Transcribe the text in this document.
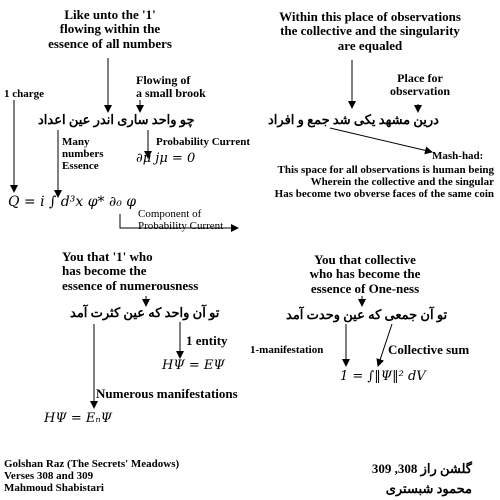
Like unto the '1'
flowing within the
essence of all numbers
1 charge
Flowing of
a small brook
چو واحد ساری اندر عین اعداد
Probability Current
∂μ jμ = 0
Many
numbers
Essence
Q = i ∫ d³x φ* ∂₀ φ
Component of
Probability Current
Within this place of observations
the collective and the singularity
are equaled
Place for
observation
درین مشهد یکی شد جمع و افراد
Mash-had:
This space for all observations is human being
Wherein the collective and the singular
Has become two obverse faces of the same coin
You that '1' who
has become the
essence of numerousness
تو آن واحد که عین کثرت آمد
1 entity
HΨ = EΨ
Numerous manifestations
HΨ = EₙΨ
You that collective
who has become the
essence of One-ness
تو آن جمعی که عین وحدت آمد
1-manifestation	Collective sum
1 = ∫‖Ψ‖² dV
Golshan Raz (The Secrets' Meadows)
Verses 308 and 309
Mahmoud Shabistari
گلشن راز 308, 309
محمود شبستری
